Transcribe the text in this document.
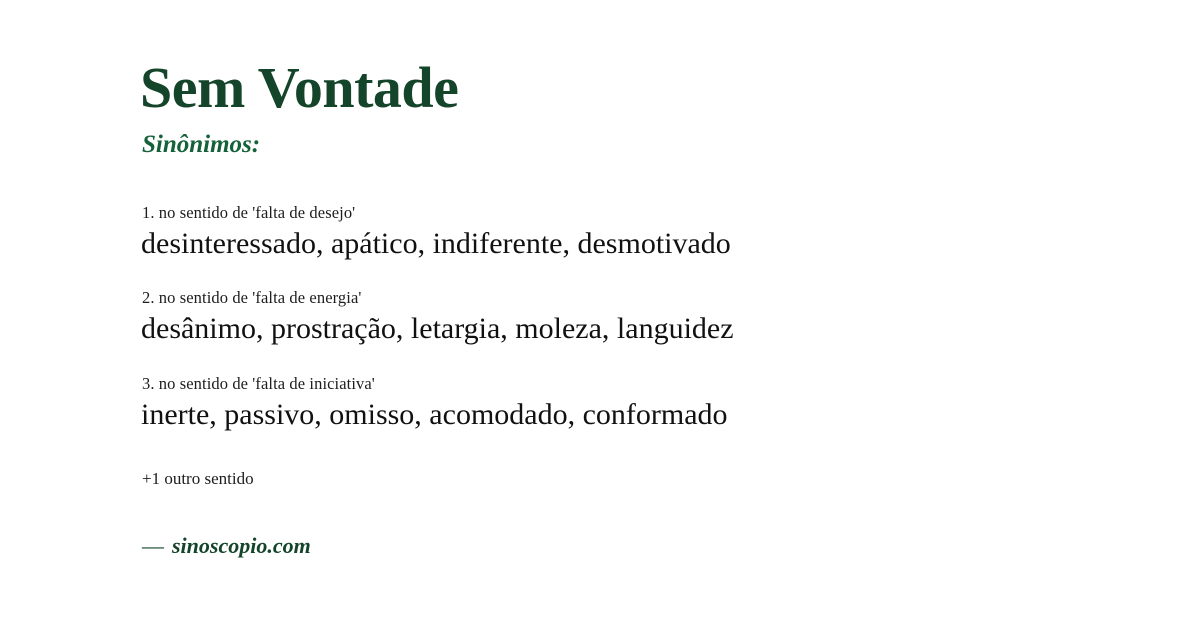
Sem Vontade
Sinônimos:
1. no sentido de 'falta de desejo'
desinteressado, apático, indiferente, desmotivado
2. no sentido de 'falta de energia'
desânimo, prostração, letargia, moleza, languidez
3. no sentido de 'falta de iniciativa'
inerte, passivo, omisso, acomodado, conformado
+1 outro sentido
— sinoscopio.com
